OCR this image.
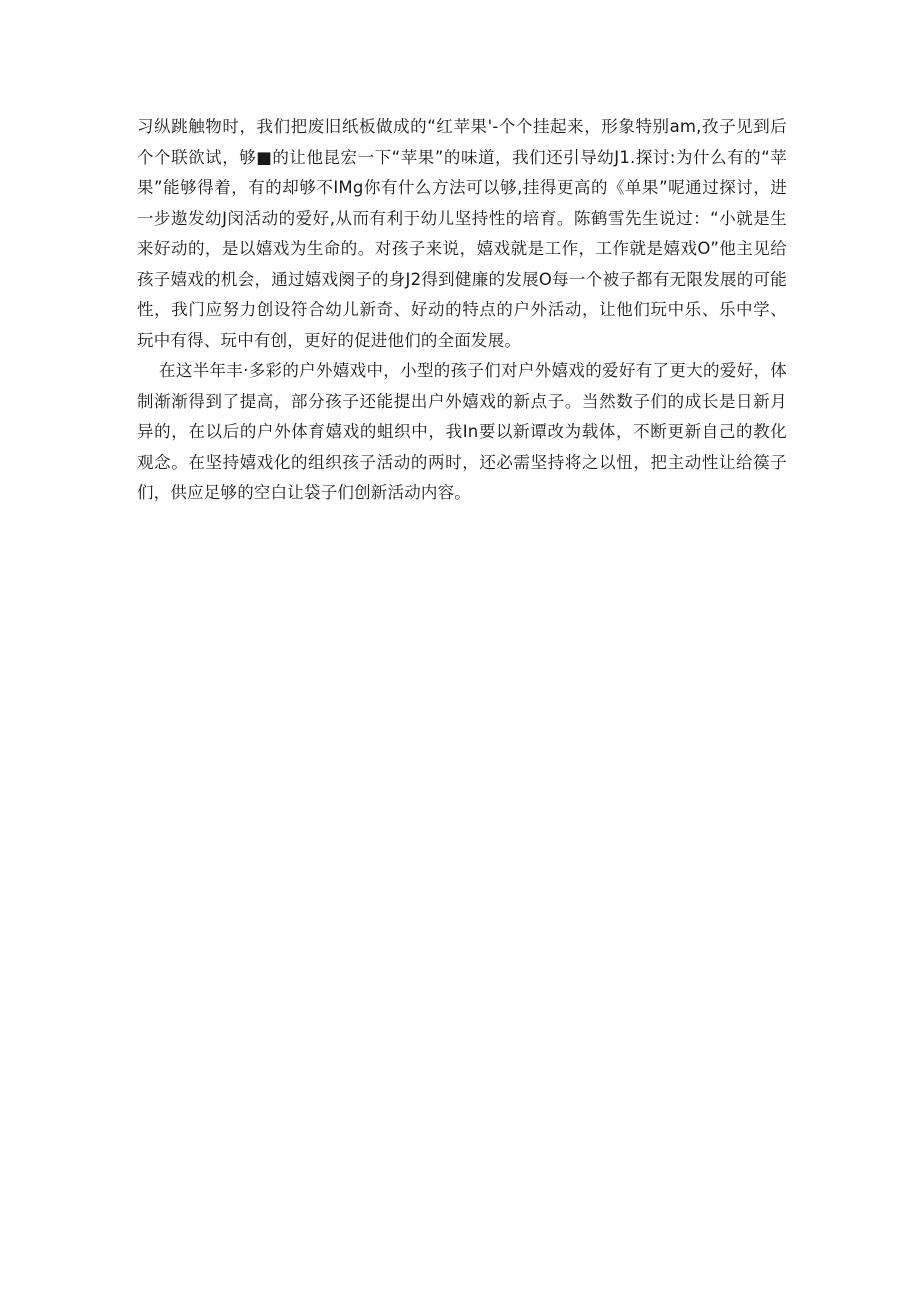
习纵跳触物时，我们把废旧纸板做成的“红苹果'-个个挂起来，形象特别am,孜子见到后个个联欲试，够■的让他昆宏一下“苹果”的味道，我们还引导幼J1.探讨:为什么有的“苹果”能够得着，有的却够不IMg你有什么方法可以够,挂得更高的《单果”呢通过探讨，进一步遨发幼J闵活动的爱好,从而有利于幼儿坚持性的培育。陈鹤雪先生说过：“小就是生来好动的，是以嬉戏为生命的。对孩子来说，嬉戏就是工作，工作就是嬉戏O”他主见给孩子嬉戏的机会，通过嬉戏阕子的身J2得到健廉的发展O每一个被子都有无限发展的可能性，我门应努力创设符合幼儿新奇、好动的特点的户外活动，让他们玩中乐、乐中学、玩中有得、玩中有创，更好的促进他们的全面发展。

在这半年丰·多彩的户外嬉戏中，小型的孩子们对户外嬉戏的爱好有了更大的爱好，体制渐渐得到了提高，部分孩子还能提出户外嬉戏的新点子。当然数子们的成长是日新月异的，在以后的户外体育嬉戏的蛆织中，我In要以新谭改为载体，不断更新自己的教化观念。在坚持嬉戏化的组织孩子活动的两时，还必需坚持将之以忸，把主动性让给篌子们，供应足够的空白让袋子们创新活动内容。
